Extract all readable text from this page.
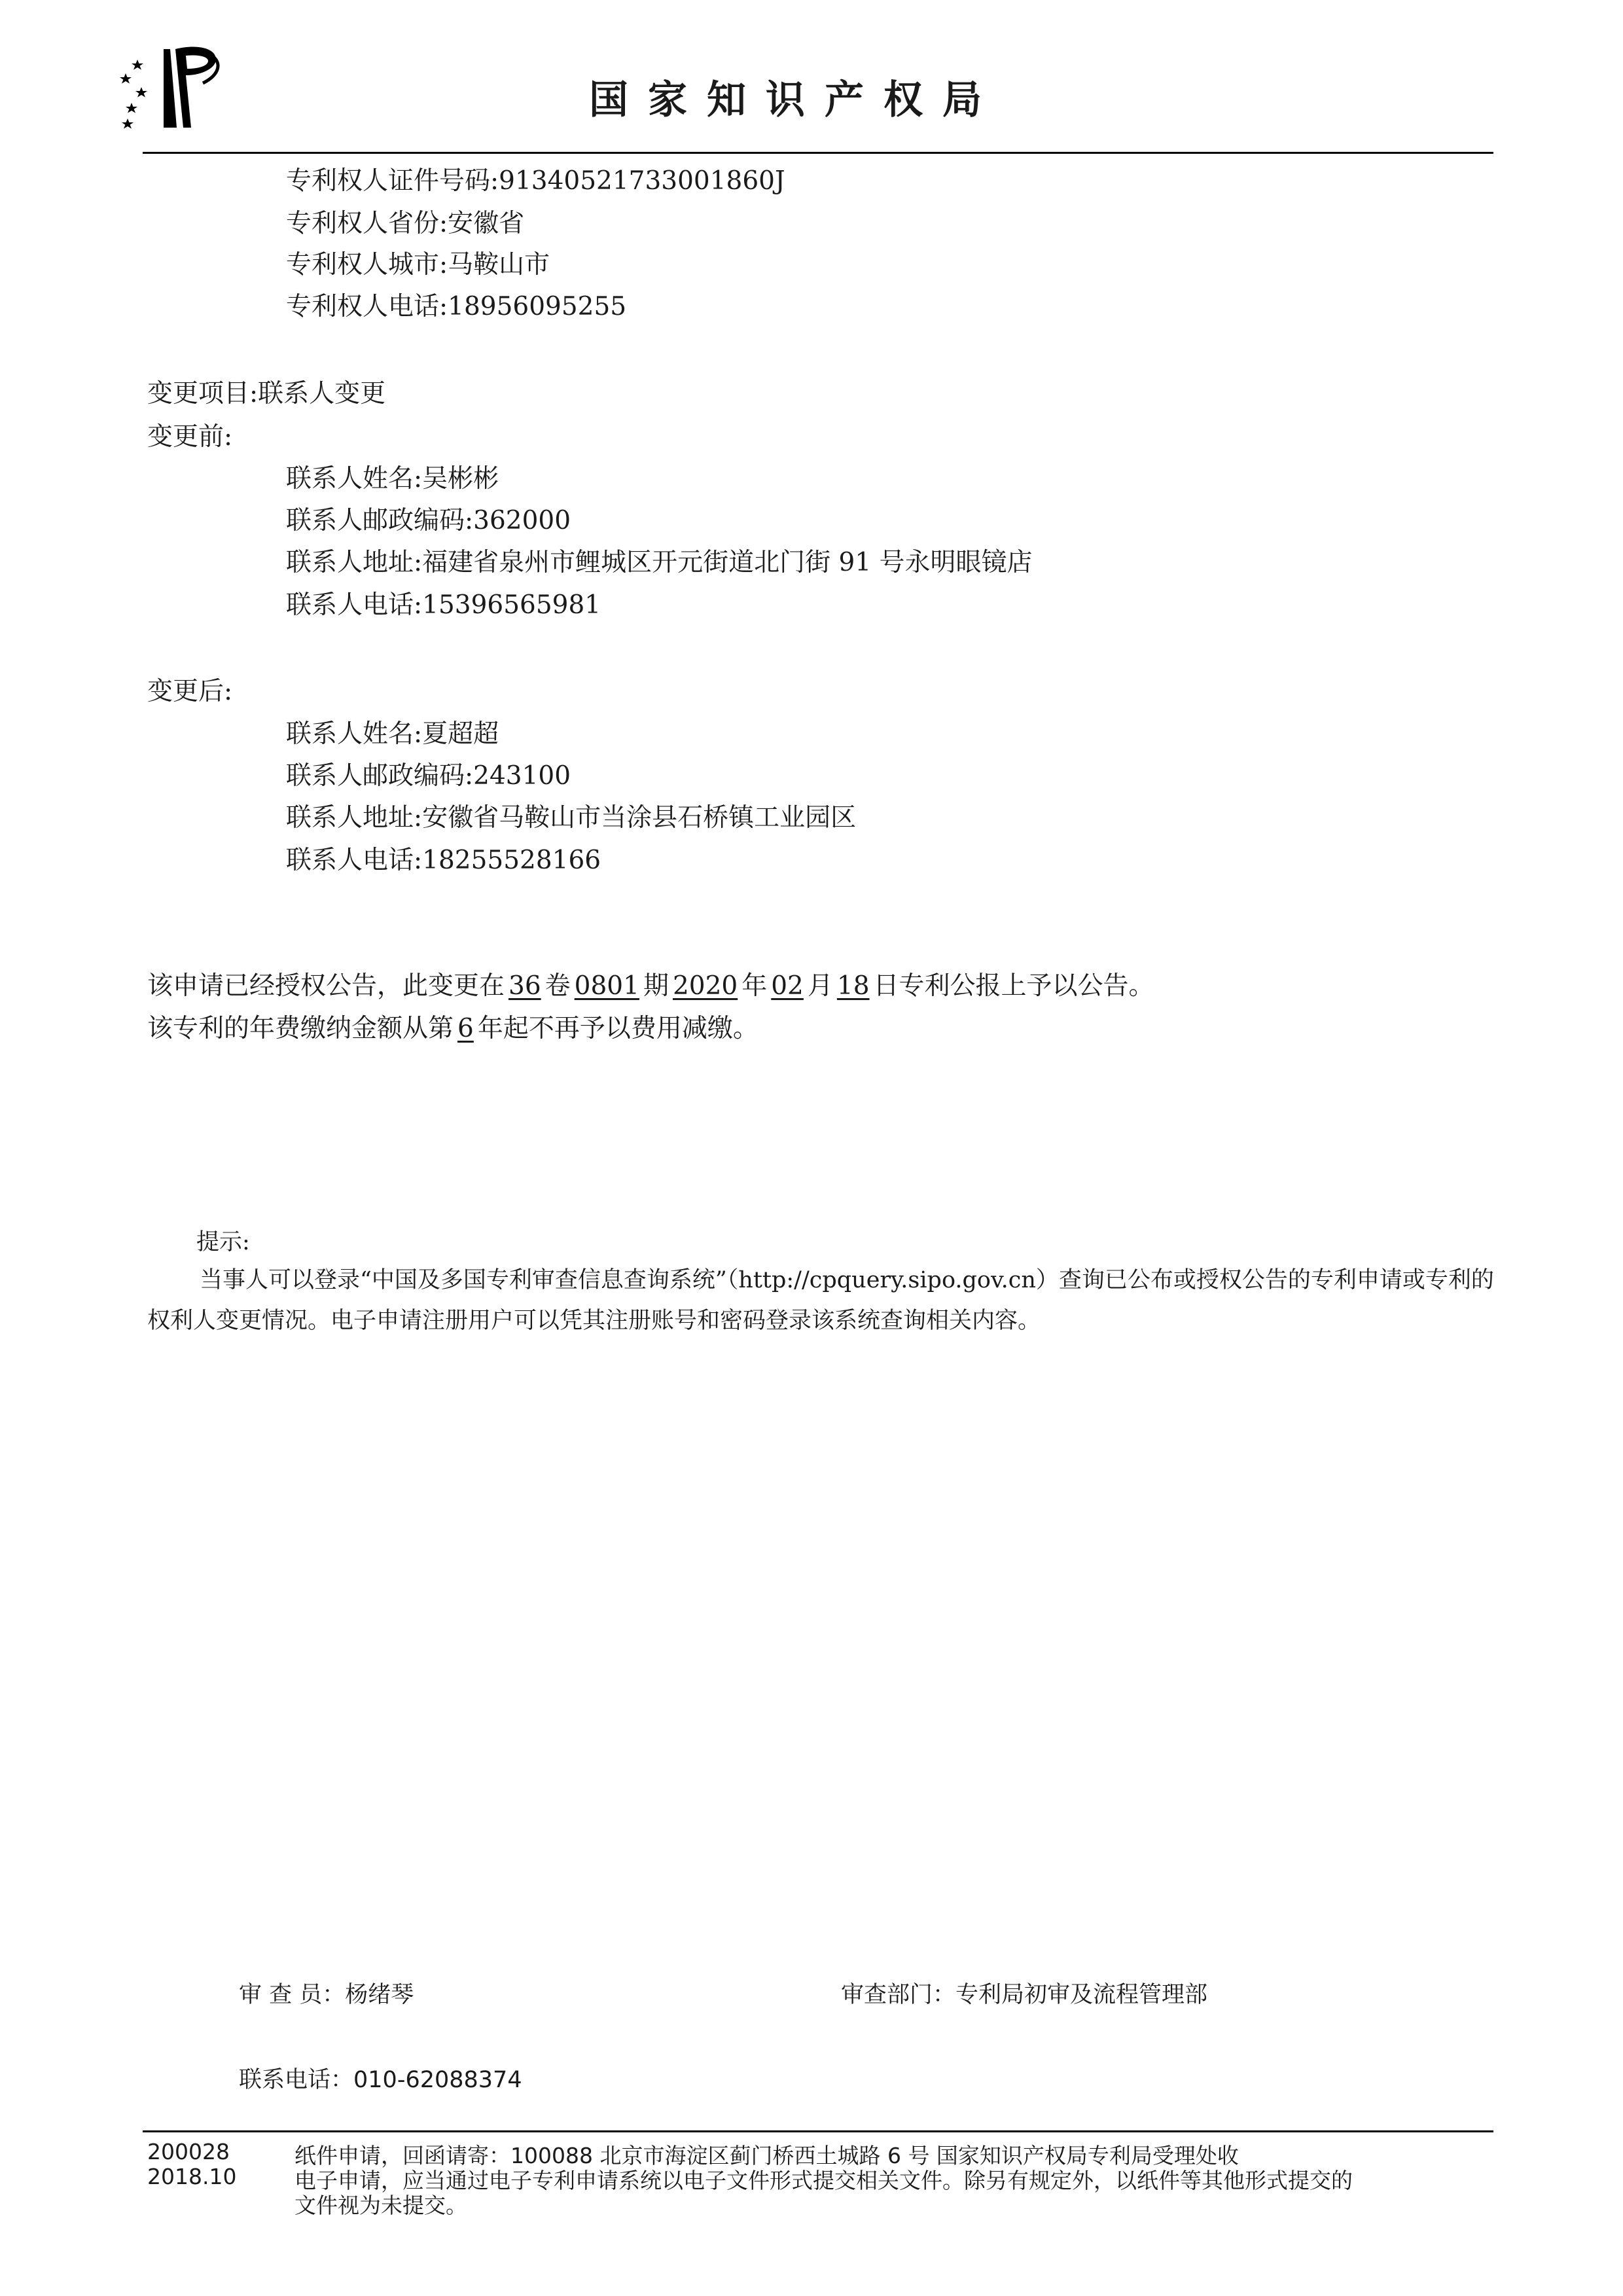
国家知识产权局
专利权人证件号码:91340521733001860J
专利权人省份:安徽省
专利权人城市:马鞍山市
专利权人电话:18956095255
变更项目:联系人变更
变更前:
联系人姓名:吴彬彬
联系人邮政编码:362000
联系人地址:福建省泉州市鲤城区开元街道北门街 91 号永明眼镜店
联系人电话:15396565981
变更后:
联系人姓名:夏超超
联系人邮政编码:243100
联系人地址:安徽省马鞍山市当涂县石桥镇工业园区
联系人电话:18255528166
该申请已经授权公告，此变更在 36 卷 0801 期 2020 年 02 月 18 日专利公报上予以公告。
该专利的年费缴纳金额从第 6 年起不再予以费用减缴。
提示:
当事人可以登录“中国及多国专利审查信息查询系统”（http://cpquery.sipo.gov.cn）查询已公布或授权公告的专利申请或专利的权利人变更情况。电子申请注册用户可以凭其注册账号和密码登录该系统查询相关内容。
审 查 员：杨绪琴	审查部门：专利局初审及流程管理部
联系电话：010-62088374
200028
2018.10
纸件申请，回函请寄：100088 北京市海淀区蓟门桥西土城路 6 号 国家知识产权局专利局受理处收
电子申请，应当通过电子专利申请系统以电子文件形式提交相关文件。除另有规定外，以纸件等其他形式提交的
文件视为未提交。
